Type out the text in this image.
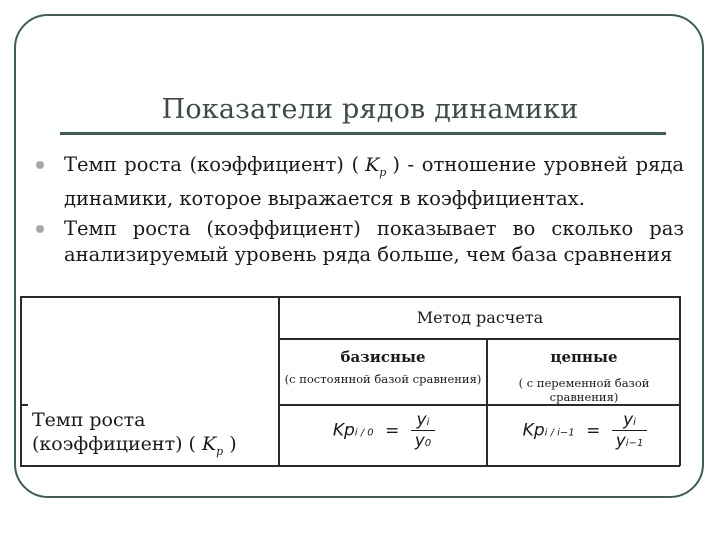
Показатели рядов динамики
Темп роста (коэффициент) ( $K_p$ ) - отношение уровней ряда динамики, которое выражается в коэффициентах.
Темп роста (коэффициент) показывает во сколько раз анализируемый уровень ряда больше, чем база сравнения
Метод расчета
базисные
(с постоянной базой сравнения)
цепные
( с переменной базой сравнения)
Темп роста
(коэффициент) ( $K_p$ )
Kpi / $0 = \frac{yi}{y0}$	Kpi / $i-1 = \frac{yi}{yi-1}$
